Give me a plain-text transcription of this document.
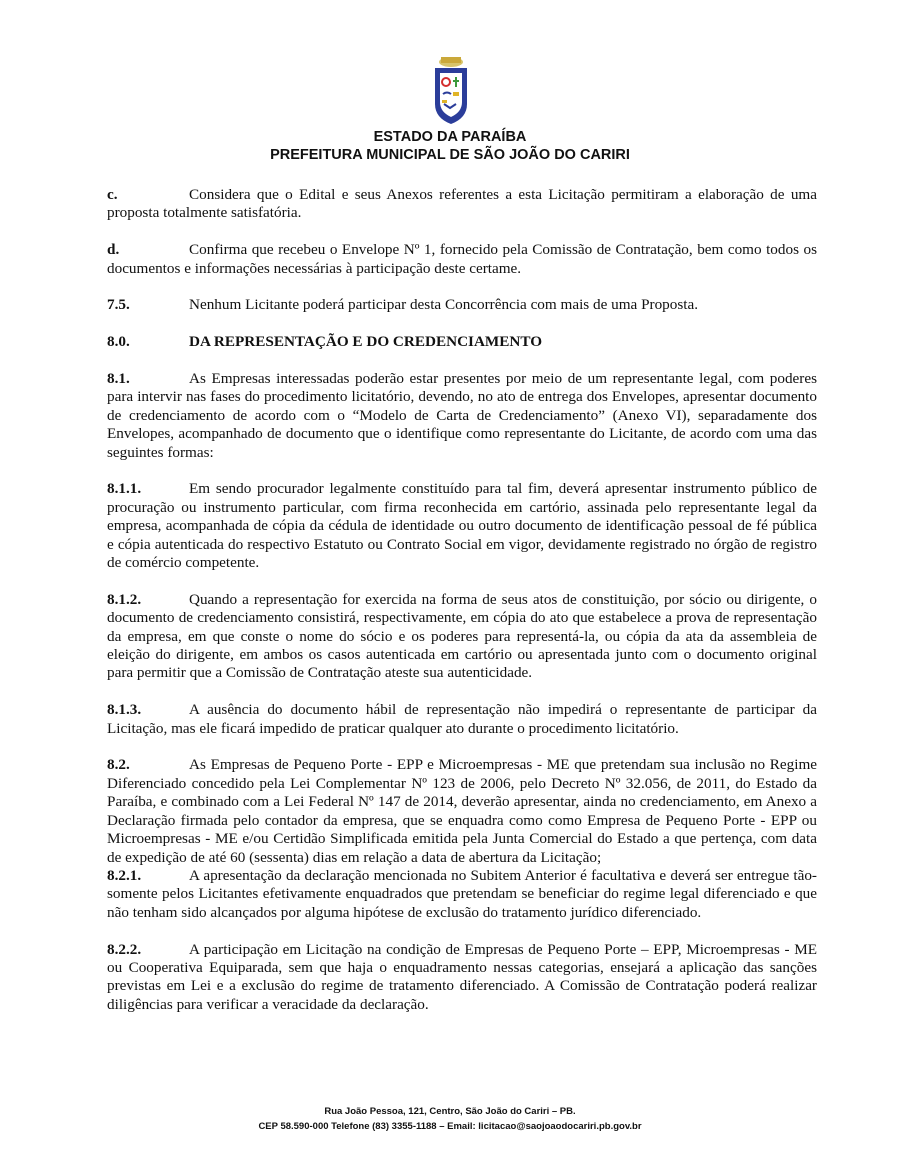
ESTADO DA PARAÍBA
PREFEITURA MUNICIPAL DE SÃO JOÃO DO CARIRI

c.	Considera que o Edital e seus Anexos referentes a esta Licitação permitiram a elaboração de uma proposta totalmente satisfatória.

d.	Confirma que recebeu o Envelope Nº 1, fornecido pela Comissão de Contratação, bem como todos os documentos e informações necessárias à participação deste certame.

7.5.	Nenhum Licitante poderá participar desta Concorrência com mais de uma Proposta.

8.0.	DA REPRESENTAÇÃO E DO CREDENCIAMENTO

8.1.	As Empresas interessadas poderão estar presentes por meio de um representante legal, com poderes para intervir nas fases do procedimento licitatório, devendo, no ato de entrega dos Envelopes, apresentar documento de credenciamento de acordo com o “Modelo de Carta de Credenciamento” (Anexo VI), separadamente dos Envelopes, acompanhado de documento que o identifique como representante do Licitante, de acordo com uma das seguintes formas:

8.1.1.	Em sendo procurador legalmente constituído para tal fim, deverá apresentar instrumento público de procuração ou instrumento particular, com firma reconhecida em cartório, assinada pelo representante legal da empresa, acompanhada de cópia da cédula de identidade ou outro documento de identificação pessoal de fé pública e cópia autenticada do respectivo Estatuto ou Contrato Social em vigor, devidamente registrado no órgão de registro de comércio competente.

8.1.2.	Quando a representação for exercida na forma de seus atos de constituição, por sócio ou dirigente, o documento de credenciamento consistirá, respectivamente, em cópia do ato que estabelece a prova de representação da empresa, em que conste o nome do sócio e os poderes para representá-la, ou cópia da ata da assembleia de eleição do dirigente, em ambos os casos autenticada em cartório ou apresentada junto com o documento original para permitir que a Comissão de Contratação ateste sua autenticidade.

8.1.3.	A ausência do documento hábil de representação não impedirá o representante de participar da Licitação, mas ele ficará impedido de praticar qualquer ato durante o procedimento licitatório.

8.2.	As Empresas de Pequeno Porte - EPP e Microempresas - ME que pretendam sua inclusão no Regime Diferenciado concedido pela Lei Complementar Nº 123 de 2006, pelo Decreto Nº 32.056, de 2011, do Estado da Paraíba, e combinado com a Lei Federal Nº 147 de 2014, deverão apresentar, ainda no credenciamento, em Anexo a Declaração firmada pelo contador da empresa, que se enquadra como como Empresa de Pequeno Porte - EPP ou Microempresas - ME e/ou Certidão Simplificada emitida pela Junta Comercial do Estado a que pertença, com data de expedição de até 60 (sessenta) dias em relação a data de abertura da Licitação;

8.2.1.	A apresentação da declaração mencionada no Subitem Anterior é facultativa e deverá ser entregue tão-somente pelos Licitantes efetivamente enquadrados que pretendam se beneficiar do regime legal diferenciado e que não tenham sido alcançados por alguma hipótese de exclusão do tratamento jurídico diferenciado.

8.2.2.	A participação em Licitação na condição de Empresas de Pequeno Porte – EPP, Microempresas - ME ou Cooperativa Equiparada, sem que haja o enquadramento nessas categorias, ensejará a aplicação das sanções previstas em Lei e a exclusão do regime de tratamento diferenciado. A Comissão de Contratação poderá realizar diligências para verificar a veracidade da declaração.

Rua João Pessoa, 121, Centro, São João do Cariri – PB.
CEP 58.590-000 Telefone (83) 3355-1188 – Email: licitacao@saojoaodocariri.pb.gov.br
